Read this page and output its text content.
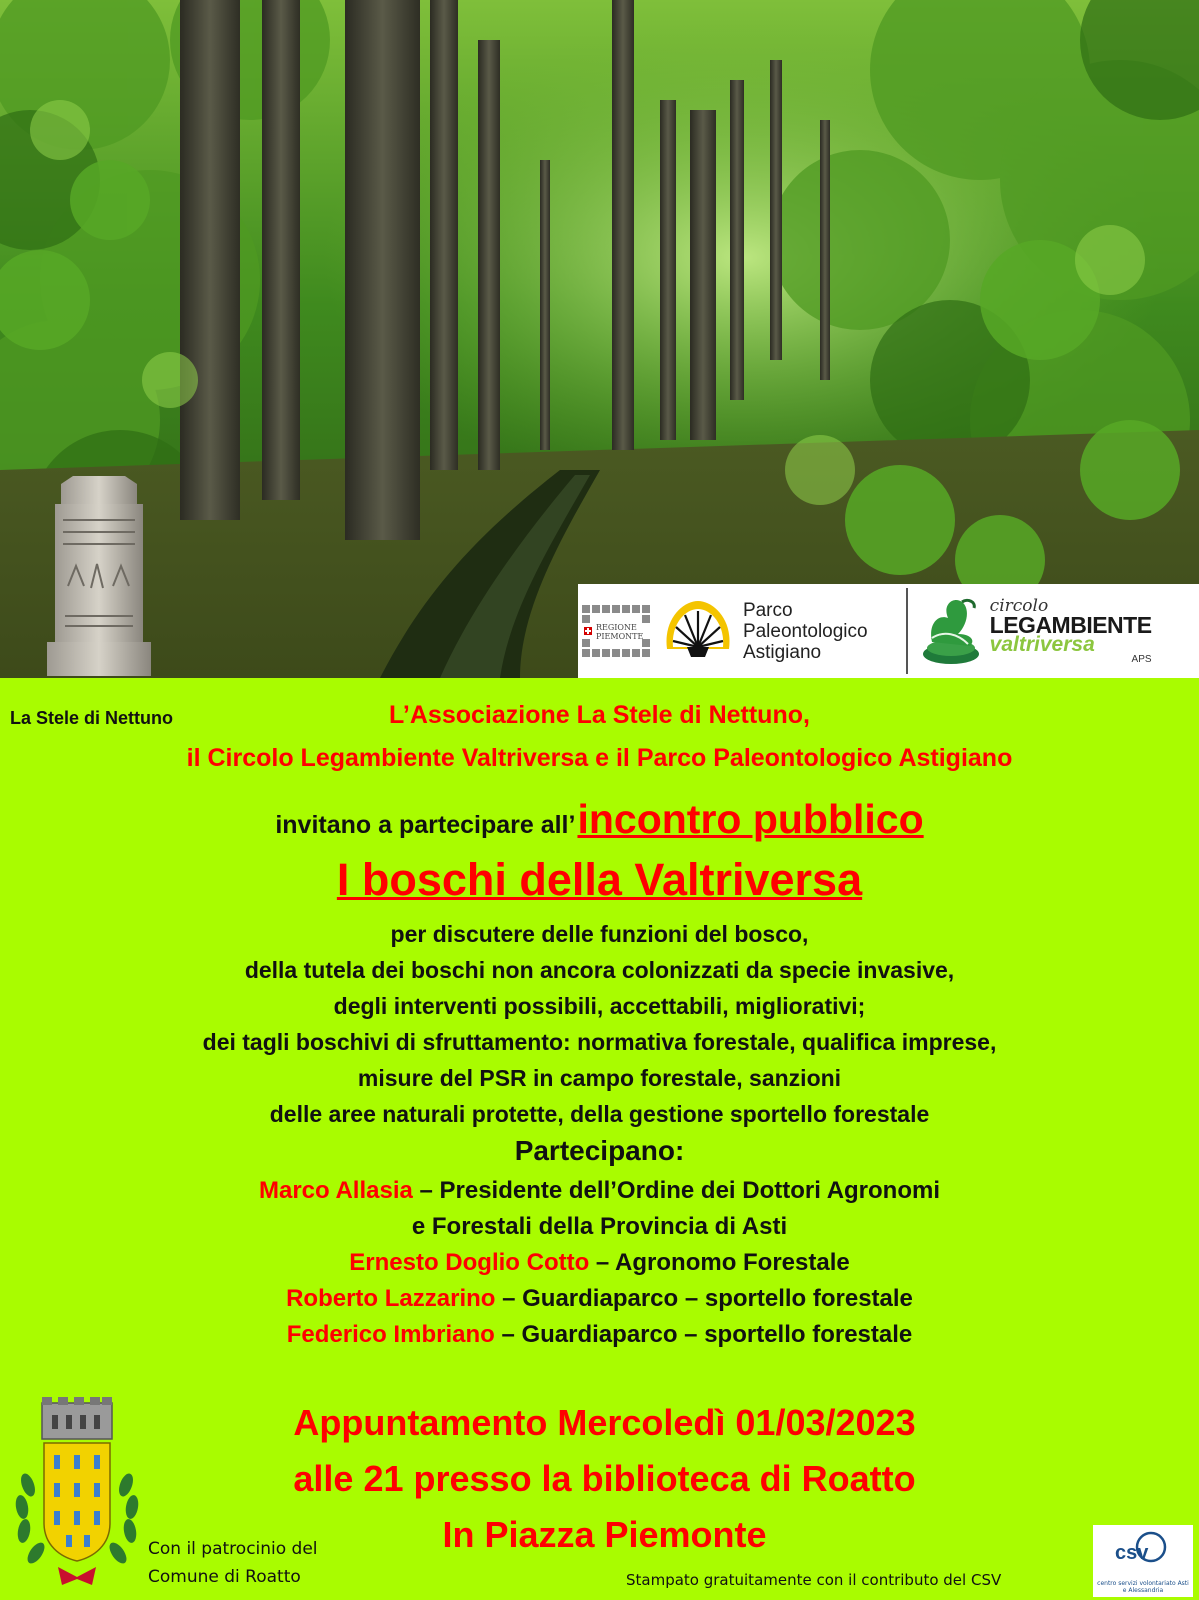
REGIONE PIEMONTE
Parco
Paleontologico
Astigiano
circolo
LEGAMBIENTE
valtriversa
APS
La Stele di Nettuno	L’Associazione La Stele di Nettuno,
il Circolo Legambiente Valtriversa e il Parco Paleontologico Astigiano
invitano a partecipare all’ incontro pubblico
I boschi della Valtriversa
per discutere delle funzioni del bosco,
della tutela dei boschi non ancora colonizzati da specie invasive,
degli interventi possibili, accettabili, migliorativi;
dei tagli boschivi di sfruttamento: normativa forestale, qualifica imprese,
misure del PSR in campo forestale, sanzioni
delle aree naturali protette, della gestione sportello forestale
Partecipano:
Marco Allasia – Presidente dell’Ordine dei Dottori Agronomi
e Forestali della Provincia di Asti
Ernesto Doglio Cotto – Agronomo Forestale
Roberto Lazzarino – Guardiaparco – sportello forestale
Federico Imbriano – Guardiaparco – sportello forestale
Appuntamento Mercoledì 01/03/2023
alle 21 presso la biblioteca di Roatto
In Piazza Piemonte
Con il patrocinio del
Comune di Roatto	Stampato gratuitamente con il contributo del CSV
csv
centro servizi volontariato Asti e Alessandria
